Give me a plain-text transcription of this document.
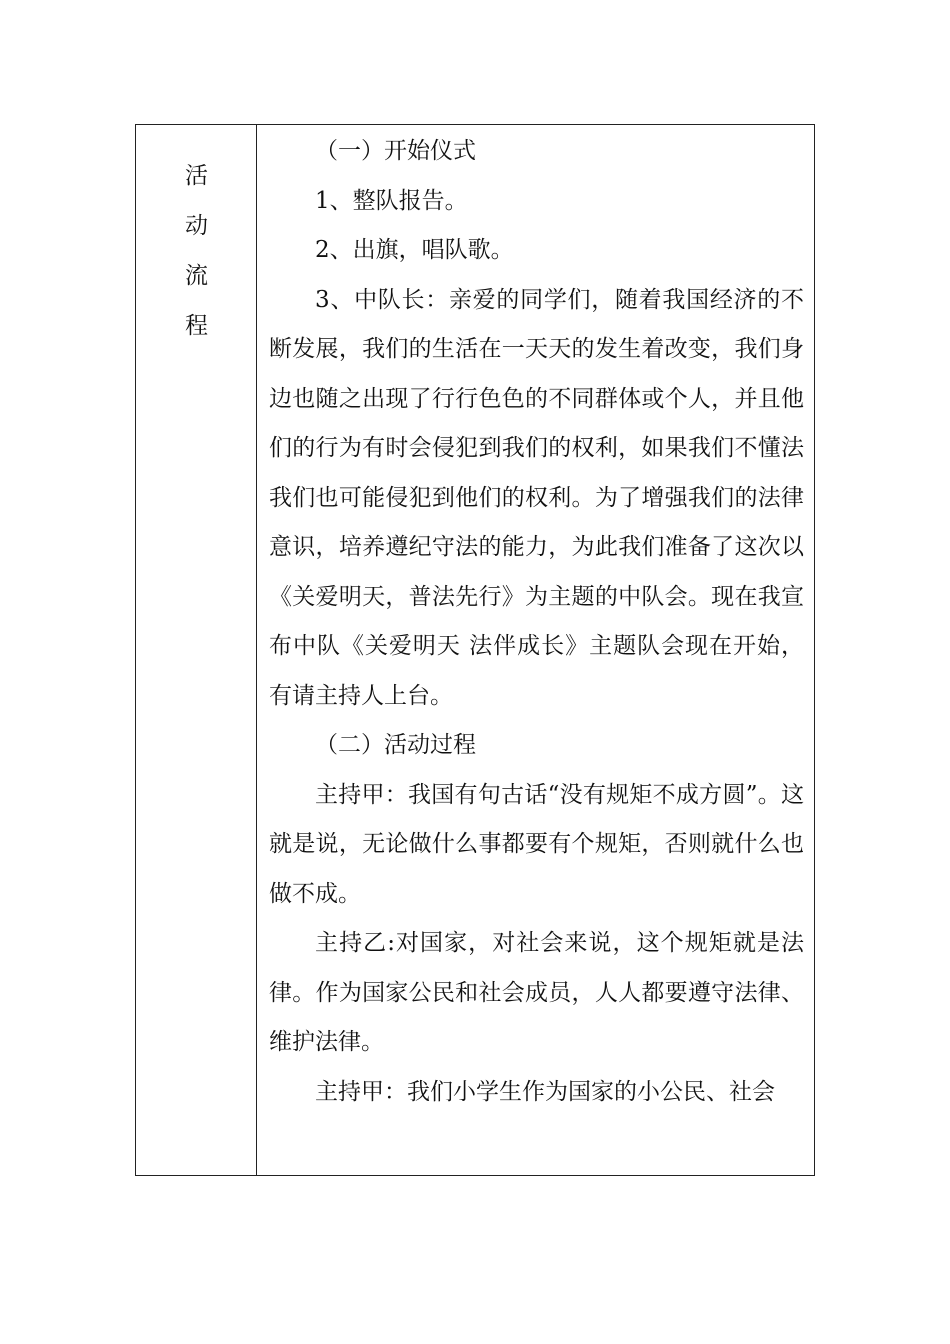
活
动
流
程

（一）开始仪式

1、整队报告。

2、出旗，唱队歌。

3、中队长：亲爱的同学们，随着我国经济的不断发展，我们的生活在一天天的发生着改变，我们身边也随之出现了行行色色的不同群体或个人，并且他们的行为有时会侵犯到我们的权利，如果我们不懂法我们也可能侵犯到他们的权利。为了增强我们的法律意识，培养遵纪守法的能力，为此我们准备了这次以《关爱明天，普法先行》为主题的中队会。现在我宣布中队《关爱明天 法伴成长》主题队会现在开始，有请主持人上台。

（二）活动过程

主持甲：我国有句古话“没有规矩不成方圆”。这就是说，无论做什么事都要有个规矩，否则就什么也做不成。

主持乙:对国家，对社会来说，这个规矩就是法律。作为国家公民和社会成员，人人都要遵守法律、维护法律。

主持甲：我们小学生作为国家的小公民、社会
